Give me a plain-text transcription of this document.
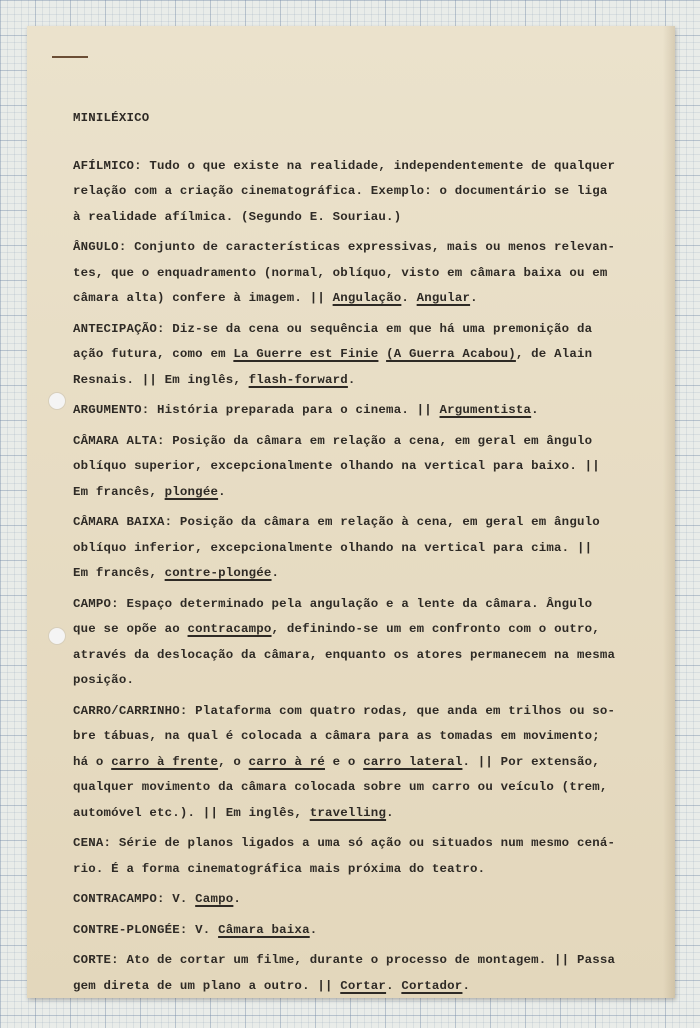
MINILÉXICO
AFÍLMICO: Tudo o que existe na realidade, independentemente de qualquer
relação com a criação cinematográfica. Exemplo: o documentário se liga
à realidade afílmica. (Segundo E. Souriau.)
ÂNGULO: Conjunto de características expressivas, mais ou menos relevan-
tes, que o enquadramento (normal, oblíquo, visto em câmara baixa ou em
câmara alta) confere à imagem. || Angulação. Angular.
ANTECIPAÇÃO: Diz-se da cena ou sequência em que há uma premonição da
ação futura, como em La Guerre est Finie (A Guerra Acabou), de Alain
Resnais. || Em inglês, flash-forward.
ARGUMENTO: História preparada para o cinema. || Argumentista.
CÂMARA ALTA: Posição da câmara em relação a cena, em geral em ângulo
oblíquo superior, excepcionalmente olhando na vertical para baixo. ||
Em francês, plongée.
CÂMARA BAIXA: Posição da câmara em relação à cena, em geral em ângulo
oblíquo inferior, excepcionalmente olhando na vertical para cima. ||
Em francês, contre-plongée.
CAMPO: Espaço determinado pela angulação e a lente da câmara. Ângulo
que se opõe ao contracampo, definindo-se um em confronto com o outro,
através da deslocação da câmara, enquanto os atores permanecem na mesma
posição.
CARRO/CARRINHO: Plataforma com quatro rodas, que anda em trilhos ou so-
bre tábuas, na qual é colocada a câmara para as tomadas em movimento;
há o carro à frente, o carro à ré e o carro lateral. || Por extensão,
qualquer movimento da câmara colocada sobre um carro ou veículo (trem,
automóvel etc.). || Em inglês, travelling.
CENA: Série de planos ligados a uma só ação ou situados num mesmo cená-
rio. É a forma cinematográfica mais próxima do teatro.
CONTRACAMPO: V. Campo.
CONTRE-PLONGÉE: V. Câmara baixa.
CORTE: Ato de cortar um filme, durante o processo de montagem. || Passa
gem direta de um plano a outro. || Cortar. Cortador.
